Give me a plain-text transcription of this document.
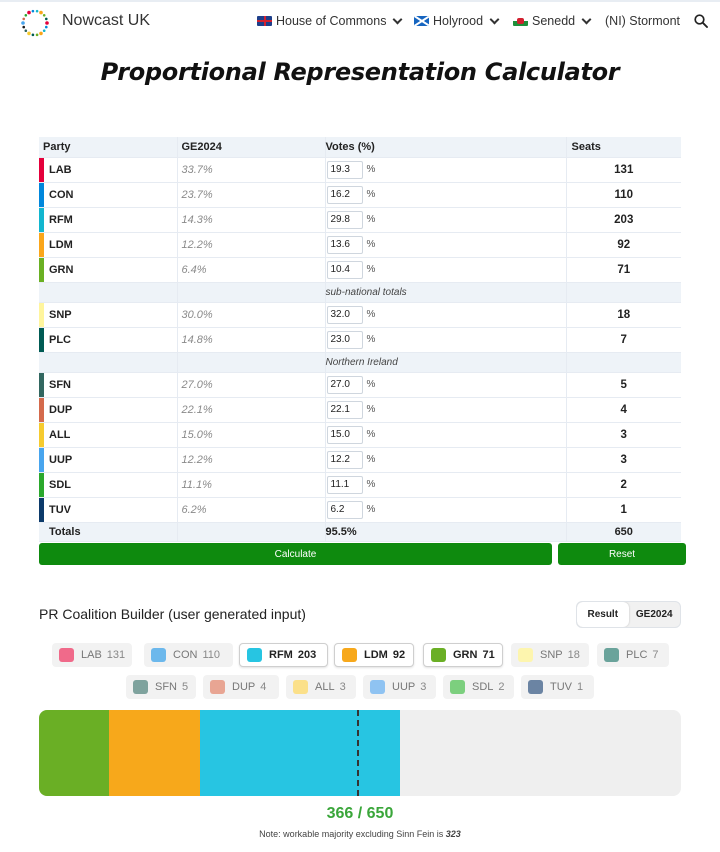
Nowcast UK	House of Commons	Holyrood	Senedd (NI) Stormont
Proportional Representation Calculator
Party	GE2024	Votes (%)	Seats

LAB	33.7%	19.3 %	131

CON	23.7%	16.2 %	110

RFM	14.3%	29.8 %	203

LDM	12.2%	13.6 %	92

GRN	6.4%	10.4 %	71
		sub-national totals	

SNP	30.0%	32.0 %	18

PLC	14.8%	23.0 %	7
		Northern Ireland	

SFN	27.0%	27.0 %	5

DUP	22.1%	22.1 %	4

ALL	15.0%	15.0 %	3

UUP	12.2%	12.2 %	3

SDL	11.1%	11.1 %	2

TUV	6.2%	6.2 %	1
Totals		95.5%	650
Calculate	Reset
PR Coalition Builder (user generated input)	Result	GE2024
LAB 131	CON 110	RFM 203	LDM 92	GRN 71	SNP 18	PLC 7
SFN 5	DUP 4	ALL 3	UUP 3	SDL 2	TUV 1
366 / 650
Note: workable majority excluding Sinn Fein is 323
